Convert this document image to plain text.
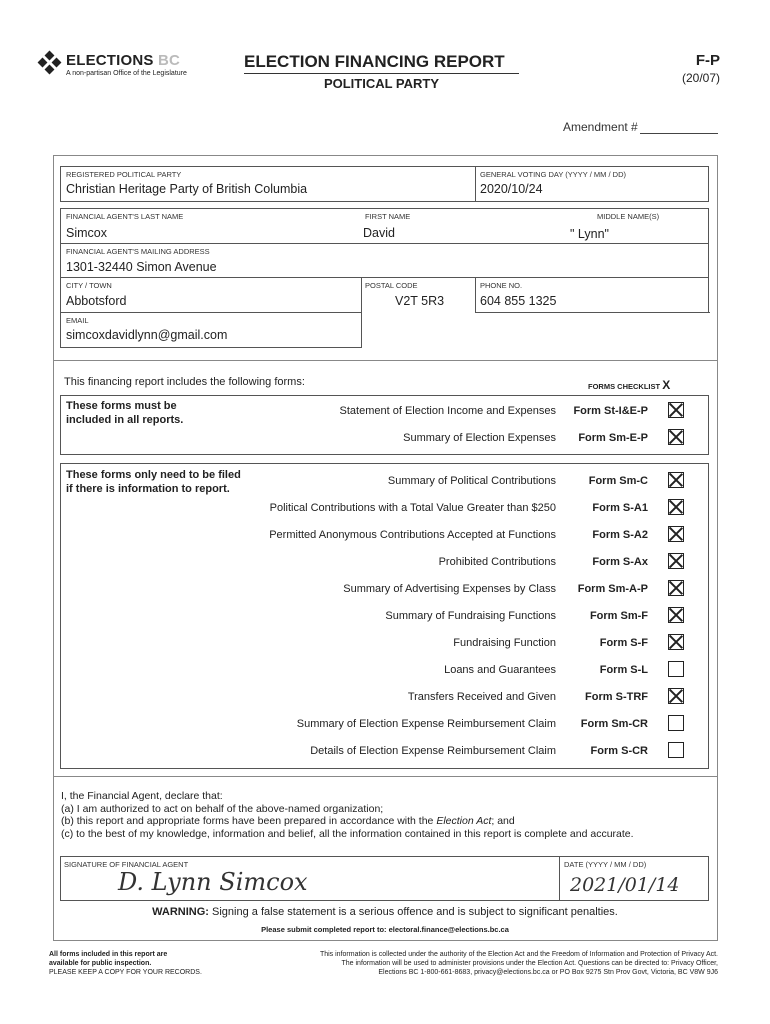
ELECTIONS BC
A non-partisan Office of the Legislature
ELECTION FINANCING REPORT
POLITICAL PARTY
F-P
(20/07)
Amendment #
REGISTERED POLITICAL PARTY
Christian Heritage Party of British Columbia
GENERAL VOTING DAY (YYYY / MM / DD)
2020/10/24
FINANCIAL AGENT'S LAST NAME
Simcox
FIRST NAME
David
MIDDLE NAME(S)
" Lynn"
FINANCIAL AGENT'S MAILING ADDRESS
1301-32440 Simon Avenue
CITY / TOWN
Abbotsford
POSTAL CODE
V2T 5R3
PHONE NO.
604 855 1325
EMAIL
simcoxdavidlynn@gmail.com
This financing report includes the following forms:	FORMS CHECKLIST X
These forms must be
included in all reports.
Statement of Election Income and Expenses	Form St-I&E-P
Summary of Election Expenses	Form Sm-E-P
These forms only need to be filed
if there is information to report.
Summary of Political Contributions	Form Sm-C
Political Contributions with a Total Value Greater than $250	Form S-A1
Permitted Anonymous Contributions Accepted at Functions	Form S-A2
Prohibited Contributions	Form S-Ax
Summary of Advertising Expenses by Class	Form Sm-A-P
Summary of Fundraising Functions	Form Sm-F
Fundraising Function	Form S-F
Loans and Guarantees	Form S-L
Transfers Received and Given	Form S-TRF
Summary of Election Expense Reimbursement Claim	Form Sm-CR
Details of Election Expense Reimbursement Claim	Form S-CR
I, the Financial Agent, declare that:
(a) I am authorized to act on behalf of the above-named organization;
(b) this report and appropriate forms have been prepared in accordance with the Election Act; and
(c) to the best of my knowledge, information and belief, all the information contained in this report is complete and accurate.
SIGNATURE OF FINANCIAL AGENT
D. Lynn Simcox
DATE (YYYY / MM / DD)
2021/01/14
WARNING: Signing a false statement is a serious offence and is subject to significant penalties.
Please submit completed report to: electoral.finance@elections.bc.ca
All forms included in this report are
available for public inspection.
PLEASE KEEP A COPY FOR YOUR RECORDS.
This information is collected under the authority of the Election Act and the Freedom of Information and Protection of Privacy Act.
The information will be used to administer provisions under the Election Act. Questions can be directed to: Privacy Officer,
Elections BC 1-800-661-8683, privacy@elections.bc.ca or PO Box 9275 Stn Prov Govt, Victoria, BC V8W 9J6
